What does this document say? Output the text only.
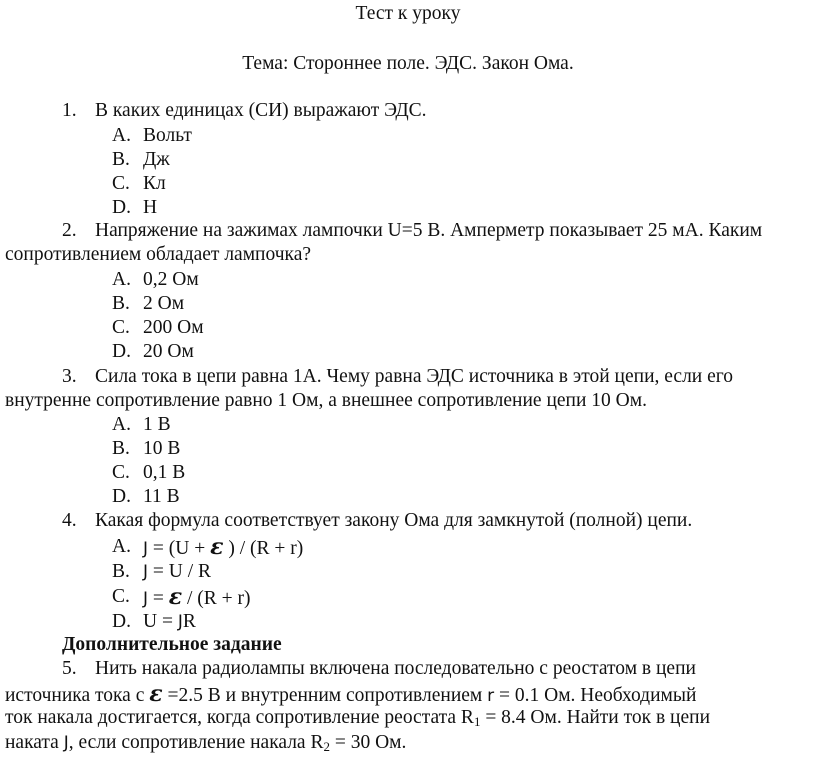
Тест к уроку
Тема: Стороннее поле. ЭДС. Закон Ома.
1. В каких единицах (СИ) выражают ЭДС.
A. Вольт
B. Дж
C. Кл
D. Н
2. Напряжение на зажимах лампочки U=5 В. Амперметр показывает 25 мА. Каким
сопротивлением обладает лампочка?
A. 0,2 Ом
B. 2 Ом
C. 200 Ом
D. 20 Ом
3. Сила тока в цепи равна 1А. Чему равна ЭДС источника в этой цепи, если его
внутренне сопротивление равно 1 Ом, а внешнее сопротивление цепи 10 Ом.
A. 1 В
B. 10 В
C. 0,1 В
D. 11 В
4. Какая формула соответствует закону Ома для замкнутой (полной) цепи.
A. J = (U + ε ) / (R + r)
B. J = U / R
C. J = ε / (R + r)
D. U = JR
Дополнительное задание
5. Нить накала радиолампы включена последовательно с реостатом в цепи
источника тока с ε =2.5 В и внутренним сопротивлением r = 0.1 Ом. Необходимый
ток накала достигается, когда сопротивление реостата $R_1 = 8.4$ Ом. Найти ток в цепи
наката J, если сопротивление накала $R_2 = 30$ Ом.
